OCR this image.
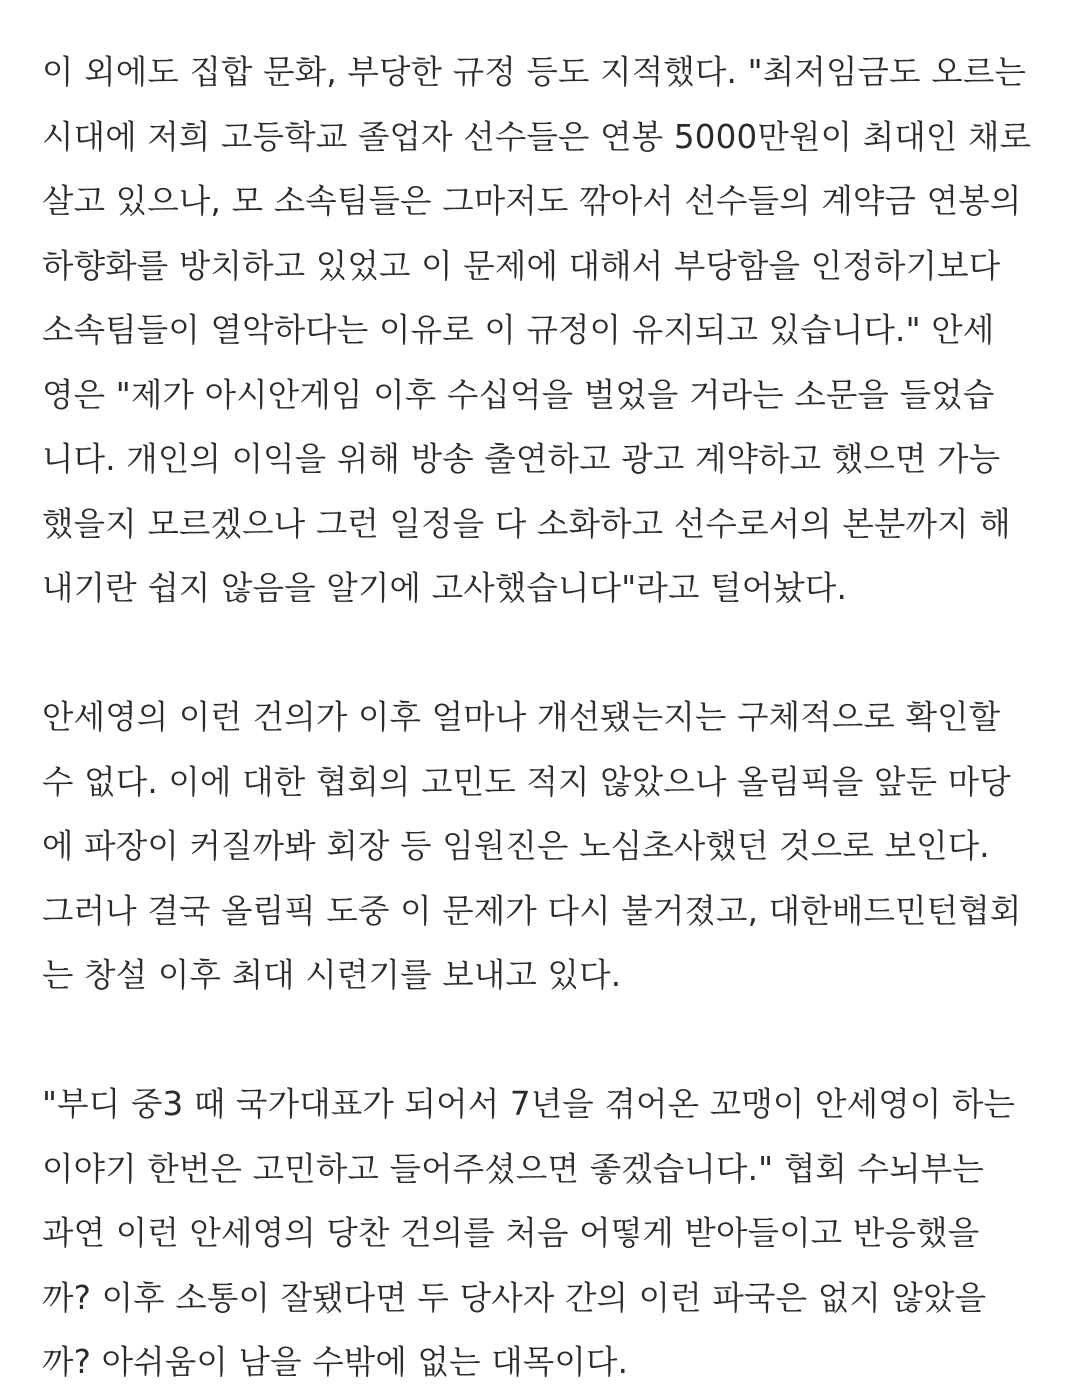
이 외에도 집합 문화, 부당한 규정 등도 지적했다. "최저임금도 오르는
시대에 저희 고등학교 졸업자 선수들은 연봉 5000만원이 최대인 채로
살고 있으나, 모 소속팀들은 그마저도 깎아서 선수들의 계약금 연봉의
하향화를 방치하고 있었고 이 문제에 대해서 부당함을 인정하기보다
소속팀들이 열악하다는 이유로 이 규정이 유지되고 있습니다." 안세
영은 "제가 아시안게임 이후 수십억을 벌었을 거라는 소문을 들었습
니다. 개인의 이익을 위해 방송 출연하고 광고 계약하고 했으면 가능
했을지 모르겠으나 그런 일정을 다 소화하고 선수로서의 본분까지 해
내기란 쉽지 않음을 알기에 고사했습니다"라고 털어놨다.

안세영의 이런 건의가 이후 얼마나 개선됐는지는 구체적으로 확인할
수 없다. 이에 대한 협회의 고민도 적지 않았으나 올림픽을 앞둔 마당
에 파장이 커질까봐 회장 등 임원진은 노심초사했던 것으로 보인다.
그러나 결국 올림픽 도중 이 문제가 다시 불거졌고, 대한배드민턴협회
는 창설 이후 최대 시련기를 보내고 있다.

"부디 중3 때 국가대표가 되어서 7년을 겪어온 꼬맹이 안세영이 하는
이야기 한번은 고민하고 들어주셨으면 좋겠습니다." 협회 수뇌부는
과연 이런 안세영의 당찬 건의를 처음 어떻게 받아들이고 반응했을
까? 이후 소통이 잘됐다면 두 당사자 간의 이런 파국은 없지 않았을
까? 아쉬움이 남을 수밖에 없는 대목이다.
